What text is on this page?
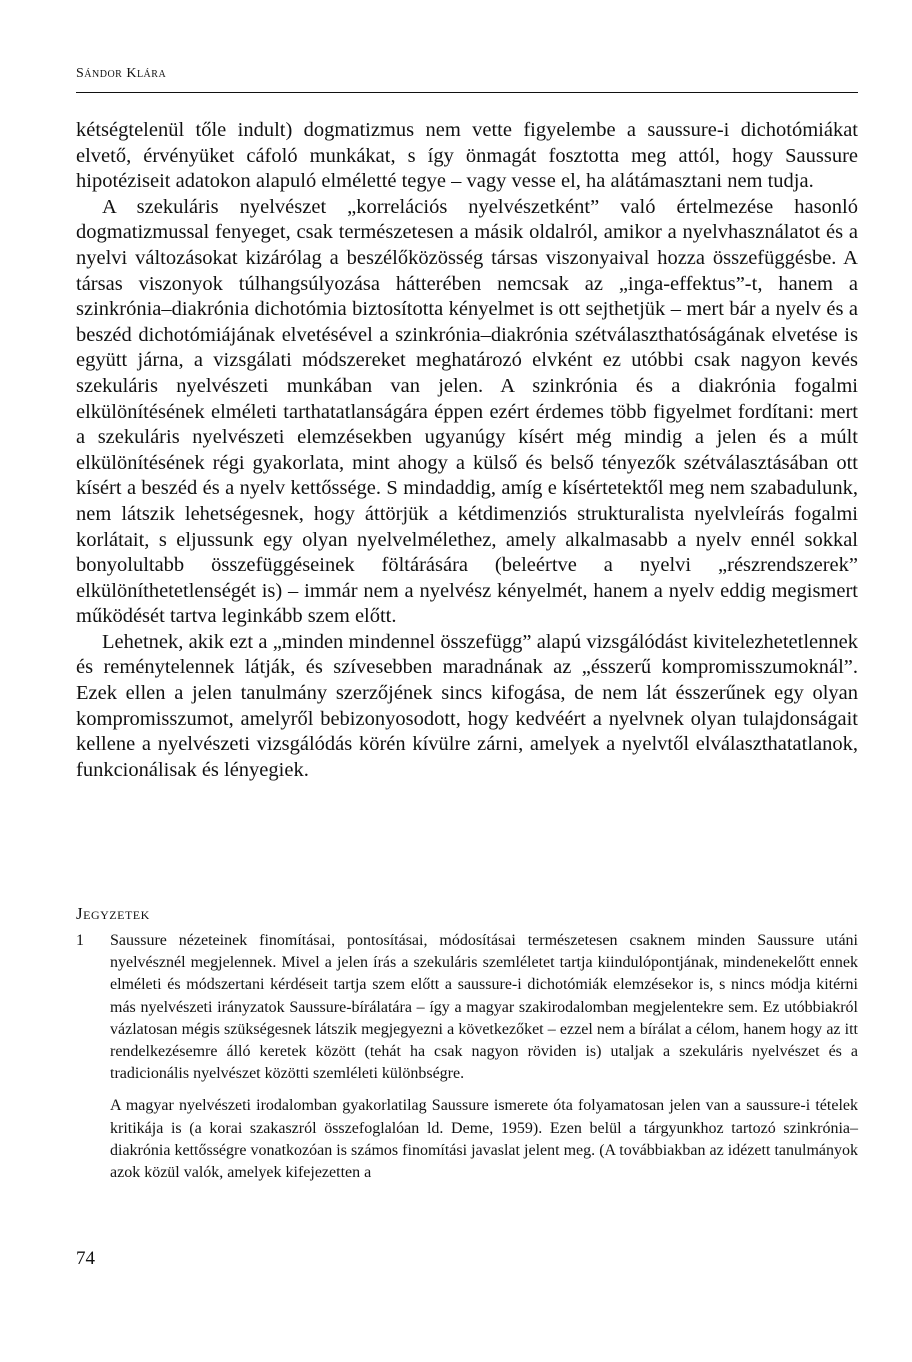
Sándor Klára

kétségtelenül tőle indult) dogmatizmus nem vette figyelembe a saussure-i dichotómiákat elvető, érvényüket cáfoló munkákat, s így önmagát fosztotta meg attól, hogy Saussure hipotéziseit adatokon alapuló elméletté tegye – vagy vesse el, ha alátámasztani nem tudja.

A szekuláris nyelvészet „korrelációs nyelvészetként” való értelmezése hasonló dogmatizmussal fenyeget, csak természetesen a másik oldalról, amikor a nyelvhasználatot és a nyelvi változásokat kizárólag a beszélőközösség társas viszonyaival hozza összefüggésbe. A társas viszonyok túlhangsúlyozása hátterében nemcsak az „inga-effektus”-t, hanem a szinkrónia–diakrónia dichotómia biztosította kényelmet is ott sejthetjük – mert bár a nyelv és a beszéd dichotómiájának elvetésével a szinkrónia–diakrónia szétválaszthatóságának elvetése is együtt járna, a vizsgálati módszereket meghatározó elvként ez utóbbi csak nagyon kevés szekuláris nyelvészeti munkában van jelen. A szinkrónia és a diakrónia fogalmi elkülönítésének elméleti tarthatatlanságára éppen ezért érdemes több figyelmet fordítani: mert a szekuláris nyelvészeti elemzésekben ugyanúgy kísért még mindig a jelen és a múlt elkülönítésének régi gyakorlata, mint ahogy a külső és belső tényezők szétválasztásában ott kísért a beszéd és a nyelv kettőssége. S mindaddig, amíg e kísértetektől meg nem szabadulunk, nem látszik lehetségesnek, hogy áttörjük a kétdimenziós strukturalista nyelvleírás fogalmi korlátait, s eljussunk egy olyan nyelvelmélethez, amely alkalmasabb a nyelv ennél sokkal bonyolultabb összefüggéseinek föltárására (beleértve a nyelvi „részrendszerek” elkülöníthetetlenségét is) – immár nem a nyelvész kényelmét, hanem a nyelv eddig megismert működését tartva leginkább szem előtt.

Lehetnek, akik ezt a „minden mindennel összefügg” alapú vizsgálódást kivitelezhetetlennek és reménytelennek látják, és szívesebben maradnának az „ésszerű kompromisszumoknál”. Ezek ellen a jelen tanulmány szerzőjének sincs kifogása, de nem lát ésszerűnek egy olyan kompromisszumot, amelyről bebizonyosodott, hogy kedvéért a nyelvnek olyan tulajdonságait kellene a nyelvészeti vizsgálódás körén kívülre zárni, amelyek a nyelvtől elválaszthatatlanok, funkcionálisak és lényegiek.

Jegyzetek
1	Saussure nézeteinek finomításai, pontosításai, módosításai természetesen csaknem minden Saussure utáni nyelvésznél megjelennek. Mivel a jelen írás a szekuláris szemléletet tartja kiindulópontjának, mindenekelőtt ennek elméleti és módszertani kérdéseit tartja szem előtt a saussure-i dichotómiák elemzésekor is, s nincs módja kitérni más nyelvészeti irányzatok Saussure-bírálatára – így a magyar szakirodalomban megjelentekre sem. Ez utóbbiakról vázlatosan mégis szükségesnek látszik megjegyezni a következőket – ezzel nem a bírálat a célom, hanem hogy az itt rendelkezésemre álló keretek között (tehát ha csak nagyon röviden is) utaljak a szekuláris nyelvészet és a tradicionális nyelvészet közötti szemléleti különbségre.
A magyar nyelvészeti irodalomban gyakorlatilag Saussure ismerete óta folyamatosan jelen van a saussure-i tételek kritikája is (a korai szakaszról összefoglalóan ld. Deme, 1959). Ezen belül a tárgyunkhoz tartozó szinkrónia–diakrónia kettősségre vonatkozóan is számos finomítási javaslat jelent meg. (A továbbiakban az idézett tanulmányok azok közül valók, amelyek kifejezetten a
74
